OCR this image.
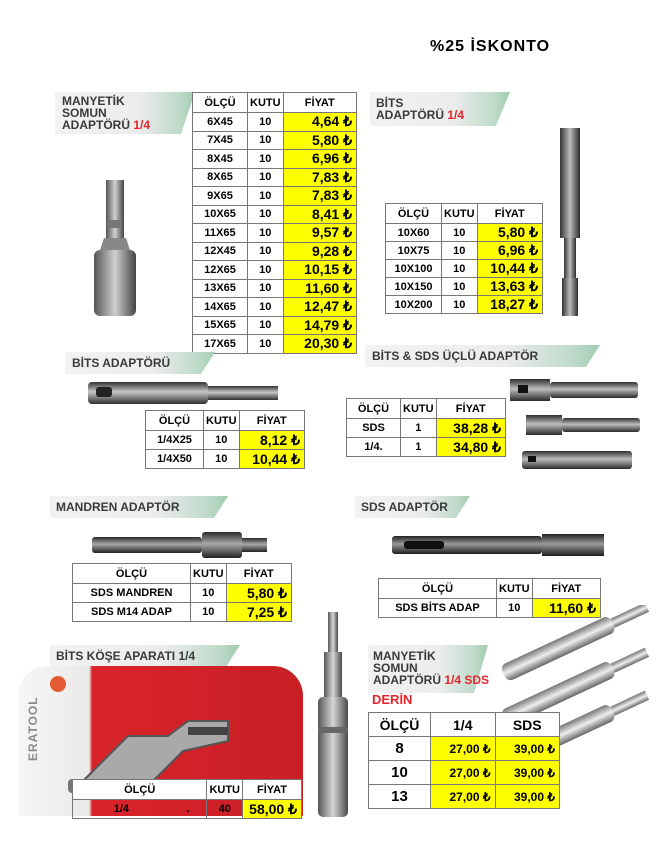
%25 İSKONTO
MANYETİK
SOMUN
ADAPTÖRÜ 1/4
ÖLÇÜ	KUTU	FİYAT
6X45	10	4,64 ₺
7X45	10	5,80 ₺
8X45	10	6,96 ₺
8X65	10	7,83 ₺
9X65	10	7,83 ₺
10X65	10	8,41 ₺
11X65	10	9,57 ₺
12X45	10	9,28 ₺
12X65	10	10,15 ₺
13X65	10	11,60 ₺
14X65	10	12,47 ₺
15X65	10	14,79 ₺
17X65	10	20,30 ₺
BİTS
ADAPTÖRÜ 1/4
ÖLÇÜ	KUTU	FİYAT
10X60	10	5,80 ₺
10X75	10	6,96 ₺
10X100	10	10,44 ₺
10X150	10	13,63 ₺
10X200	10	18,27 ₺
BİTS ADAPTÖRÜ
ÖLÇÜ	KUTU	FİYAT
1/4X25	10	8,12 ₺
1/4X50	10	10,44 ₺
BİTS & SDS ÜÇLÜ ADAPTÖR
ÖLÇÜ	KUTU	FİYAT
SDS	1	38,28 ₺
1/4.	1	34,80 ₺
MANDREN ADAPTÖR
ÖLÇÜ	KUTU	FİYAT
SDS MANDREN	10	5,80 ₺
SDS M14 ADAP	10	7,25 ₺
SDS ADAPTÖR
ÖLÇÜ	KUTU	FİYAT
SDS BİTS ADAP	10	11,60 ₺
BİTS KÖŞE APARATI 1/4
ERATOOL
ÖLÇÜ		KUTU	FİYAT
1/4	.	40	58,00 ₺
MANYETİK
SOMUN
ADAPTÖRÜ 1/4 SDS
DERİN
ÖLÇÜ	1/4	SDS
8	27,00 ₺	39,00 ₺
10	27,00 ₺	39,00 ₺
13	27,00 ₺	39,00 ₺
